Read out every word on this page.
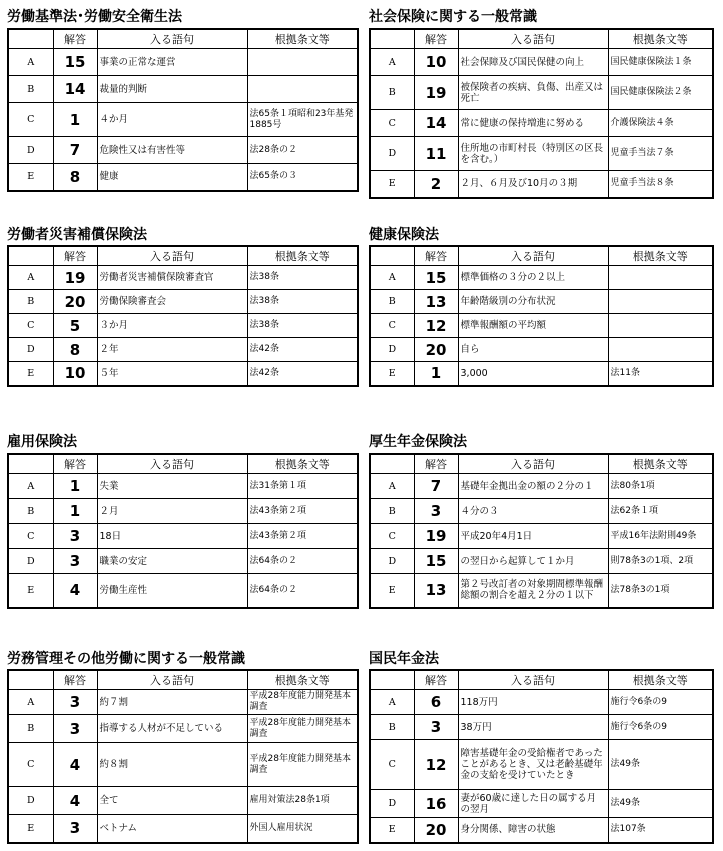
労働基準法･労働安全衛生法
	解答	入る語句	根拠条文等
A	15	事業の正常な運営	
B	14	裁量的判断	
C	1	４か月	法65条１項昭和23年基発1885号
D	7	危険性又は有害性等	法28条の２
E	8	健康	法65条の３
社会保険に関する一般常識
	解答	入る語句	根拠条文等
A	10	社会保障及び国民保健の向上	国民健康保険法１条
B	19	被保険者の疾病、負傷、出産又は死亡	国民健康保険法２条
C	14	常に健康の保持増進に努める	介護保険法４条
D	11	住所地の市町村長（特別区の区長を含む。）	児童手当法７条
E	2	２月、６月及び10月の３期	児童手当法８条
労働者災害補償保険法
	解答	入る語句	根拠条文等
A	19	労働者災害補償保険審査官	法38条
B	20	労働保険審査会	法38条
C	5	３か月	法38条
D	8	２年	法42条
E	10	５年	法42条
健康保険法
	解答	入る語句	根拠条文等
A	15	標準価格の３分の２以上	
B	13	年齢階級別の分布状況	
C	12	標準報酬額の平均額	
D	20	自ら	
E	1	3,000	法11条
雇用保険法
	解答	入る語句	根拠条文等
A	1	失業	法31条第１項
B	1	２月	法43条第２項
C	3	18日	法43条第２項
D	3	職業の安定	法64条の２
E	4	労働生産性	法64条の２
厚生年金保険法
	解答	入る語句	根拠条文等
A	7	基礎年金拠出金の額の２分の１	法80条1項
B	3	４分の３	法62条１項
C	19	平成20年4月1日	平成16年法附則49条
D	15	の翌日から起算して１か月	則78条3の1項、2項
E	13	第２号改訂者の対象期間標準報酬総額の割合を超え２分の１以下	法78条3の1項
労務管理その他労働に関する一般常識
	解答	入る語句	根拠条文等
A	3	約７割	平成28年度能力開発基本調査
B	3	指導する人材が不足している	平成28年度能力開発基本調査
C	4	約８割	平成28年度能力開発基本調査
D	4	全て	雇用対策法28条1項
E	3	ベトナム	外国人雇用状況
国民年金法
	解答	入る語句	根拠条文等
A	6	118万円	施行令6条の9
B	3	38万円	施行令6条の9
C	12	障害基礎年金の受給権者であったことがあるとき、又は老齢基礎年金の支給を受けていたとき	法49条
D	16	妻が60歳に達した日の属する月の翌月	法49条
E	20	身分関係、障害の状態	法107条
